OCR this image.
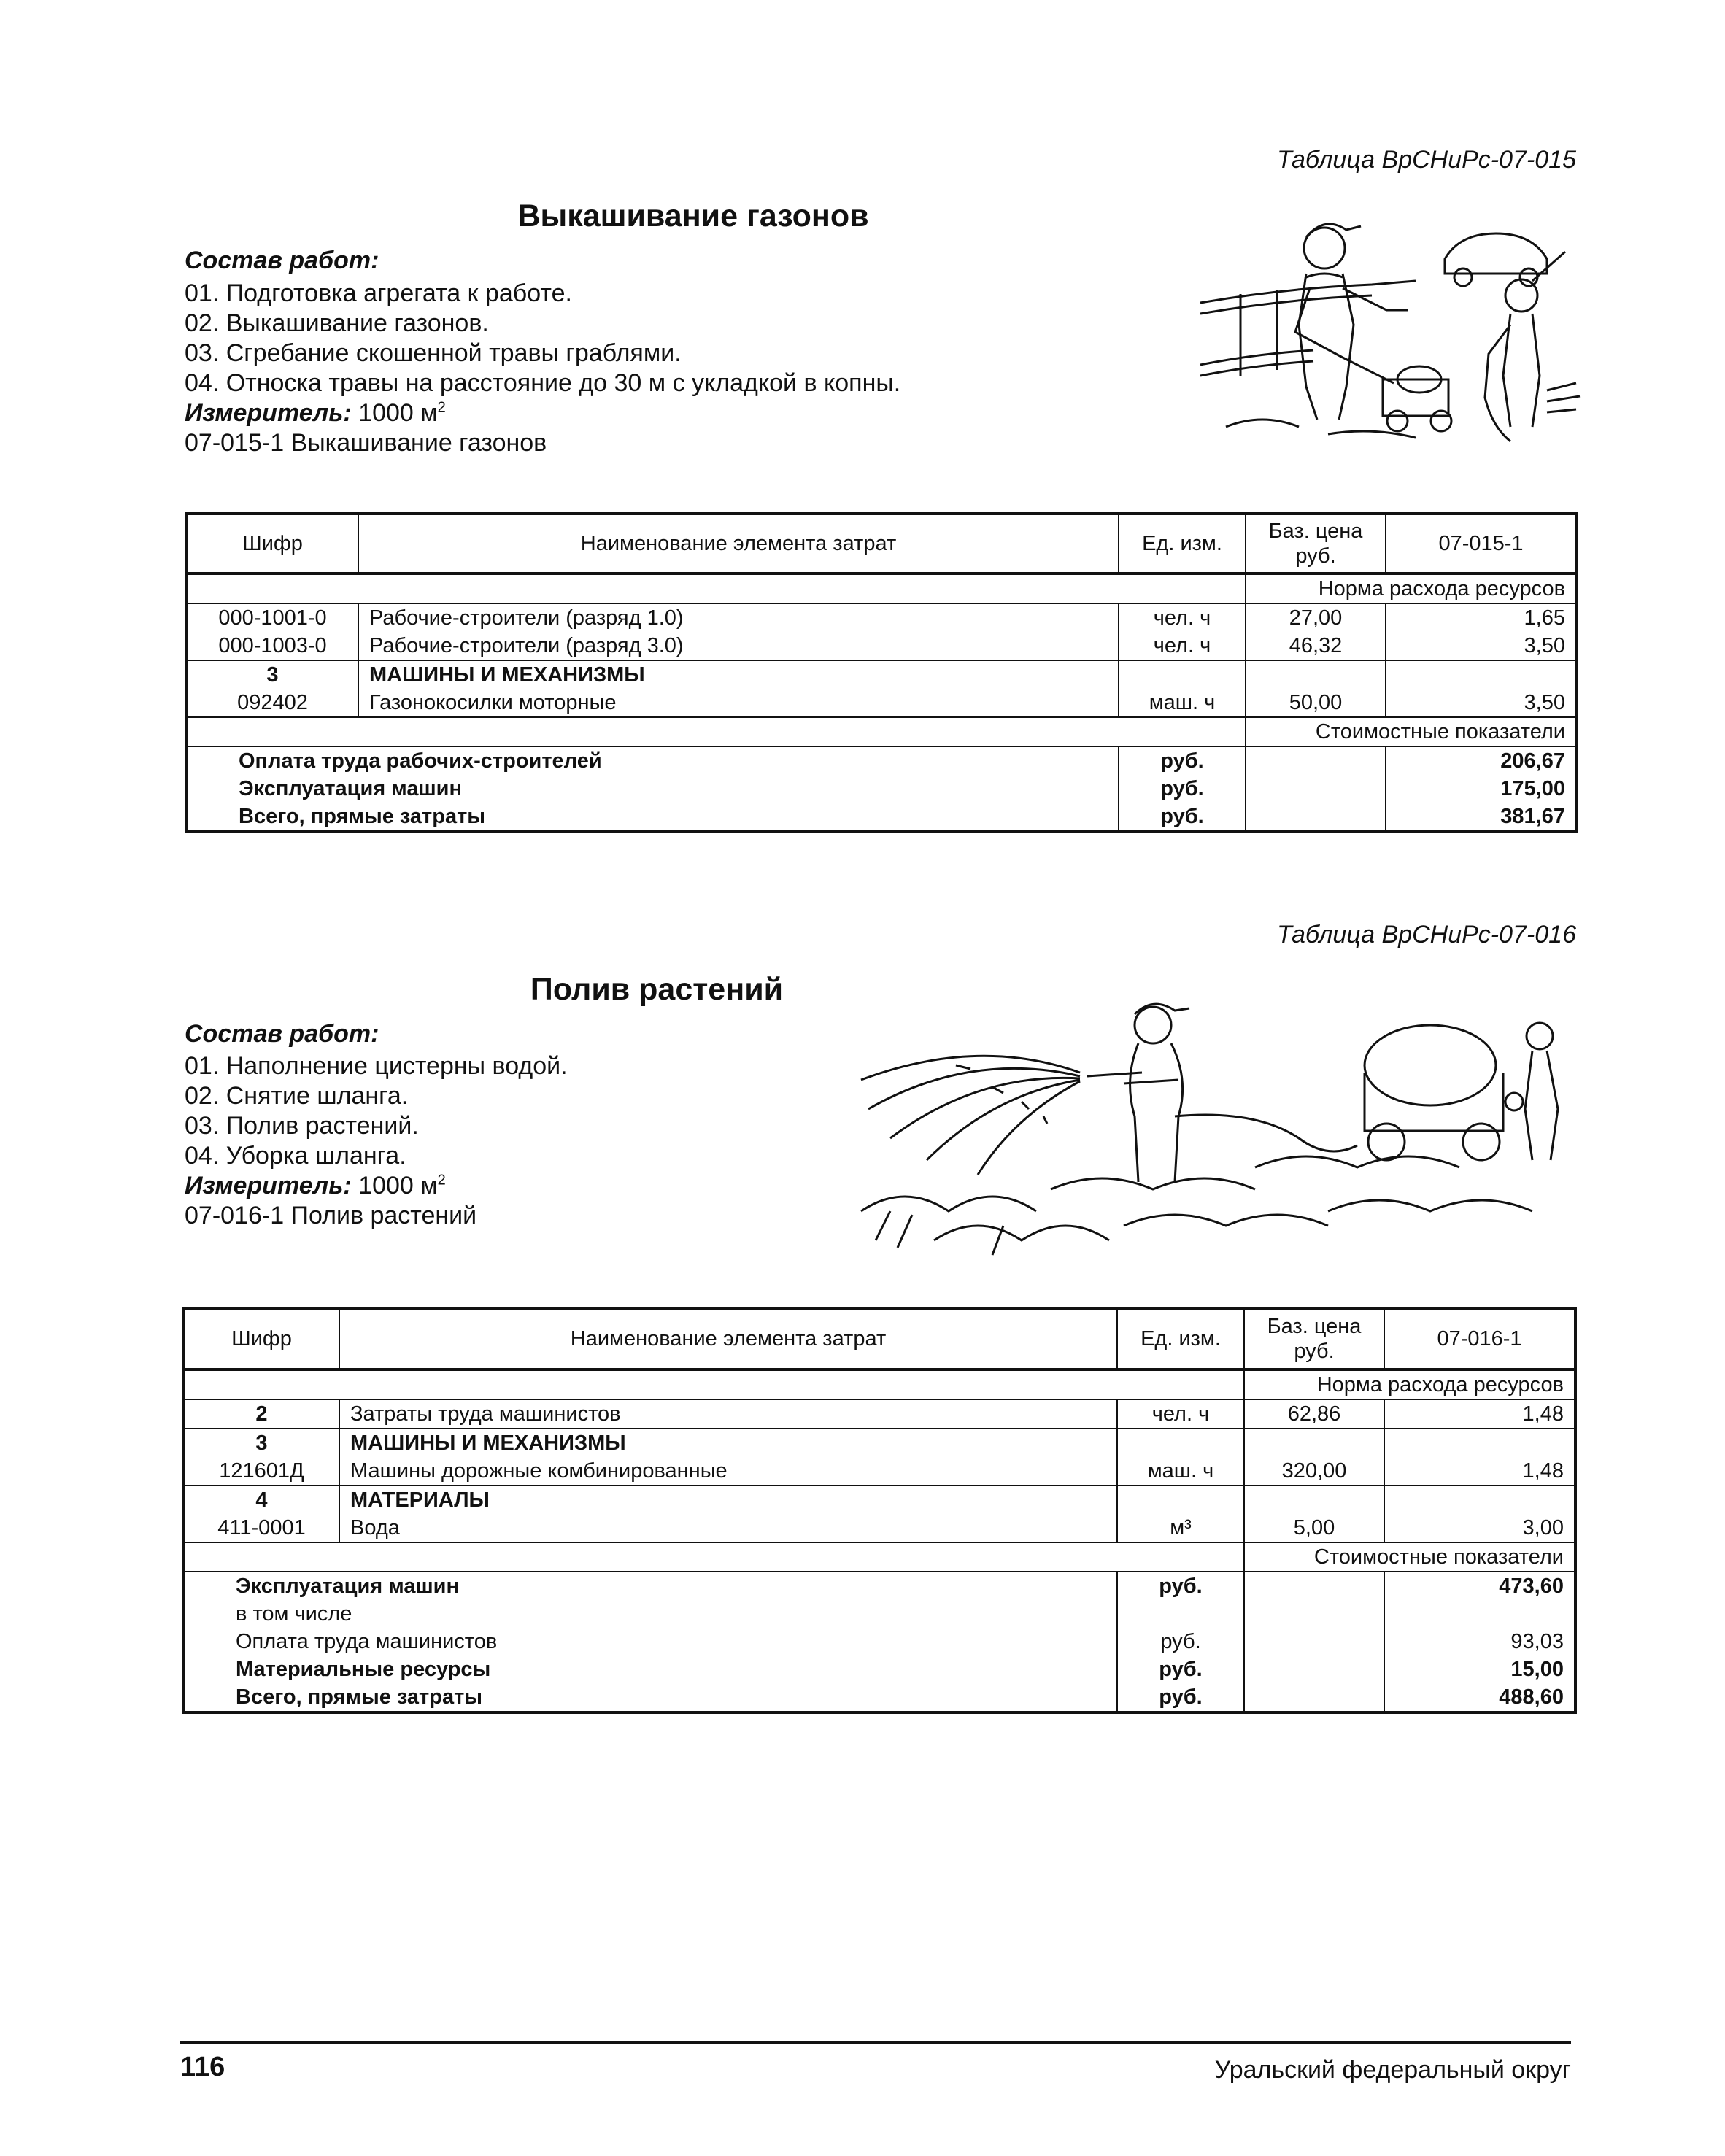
Таблица ВрСНиРс-07-015
Выкашивание газонов
Состав работ:
01. Подготовка агрегата к работе.
02. Выкашивание газонов.
03. Сгребание скошенной травы граблями.
04. Относка травы на расстояние до 30 м с укладкой в копны.
Измеритель: 1000 $м^2$
07-015-1 Выкашивание газонов
Шифр	Наименование элемента затрат	Ед. изм.	Баз. цена руб.	07-015-1
			Норма расхода ресурсов	
000-1001-0	Рабочие-строители (разряд 1.0)	чел. ч	27,00	1,65
000-1003-0	Рабочие-строители (разряд 3.0)	чел. ч	46,32	3,50
3	МАШИНЫ И МЕХАНИЗМЫ			
092402	Газонокосилки моторные	маш. ч	50,00	3,50
			Стоимостные показатели	
Оплата труда рабочих-строителей		руб.		206,67
Эксплуатация машин		руб.		175,00
Всего, прямые затраты		руб.		381,67
Таблица ВрСНиРс-07-016
Полив растений
Состав работ:
01. Наполнение цистерны водой.
02. Снятие шланга.
03. Полив растений.
04. Уборка шланга.
Измеритель: 1000 $м^2$
07-016-1 Полив растений
Шифр	Наименование элемента затрат	Ед. изм.	Баз. цена руб.	07-016-1
			Норма расхода ресурсов	
2	Затраты труда машинистов	чел. ч	62,86	1,48
3	МАШИНЫ И МЕХАНИЗМЫ			
121601Д	Машины дорожные комбинированные	маш. ч	320,00	1,48
4	МАТЕРИАЛЫ			
411-0001	Вода	м³	5,00	3,00
			Стоимостные показатели	
Эксплуатация машин		руб.		473,60
в том числе				
Оплата труда машинистов		руб.		93,03
Материальные ресурсы		руб.		15,00
Всего, прямые затраты		руб.		488,60
116	Уральский федеральный округ
